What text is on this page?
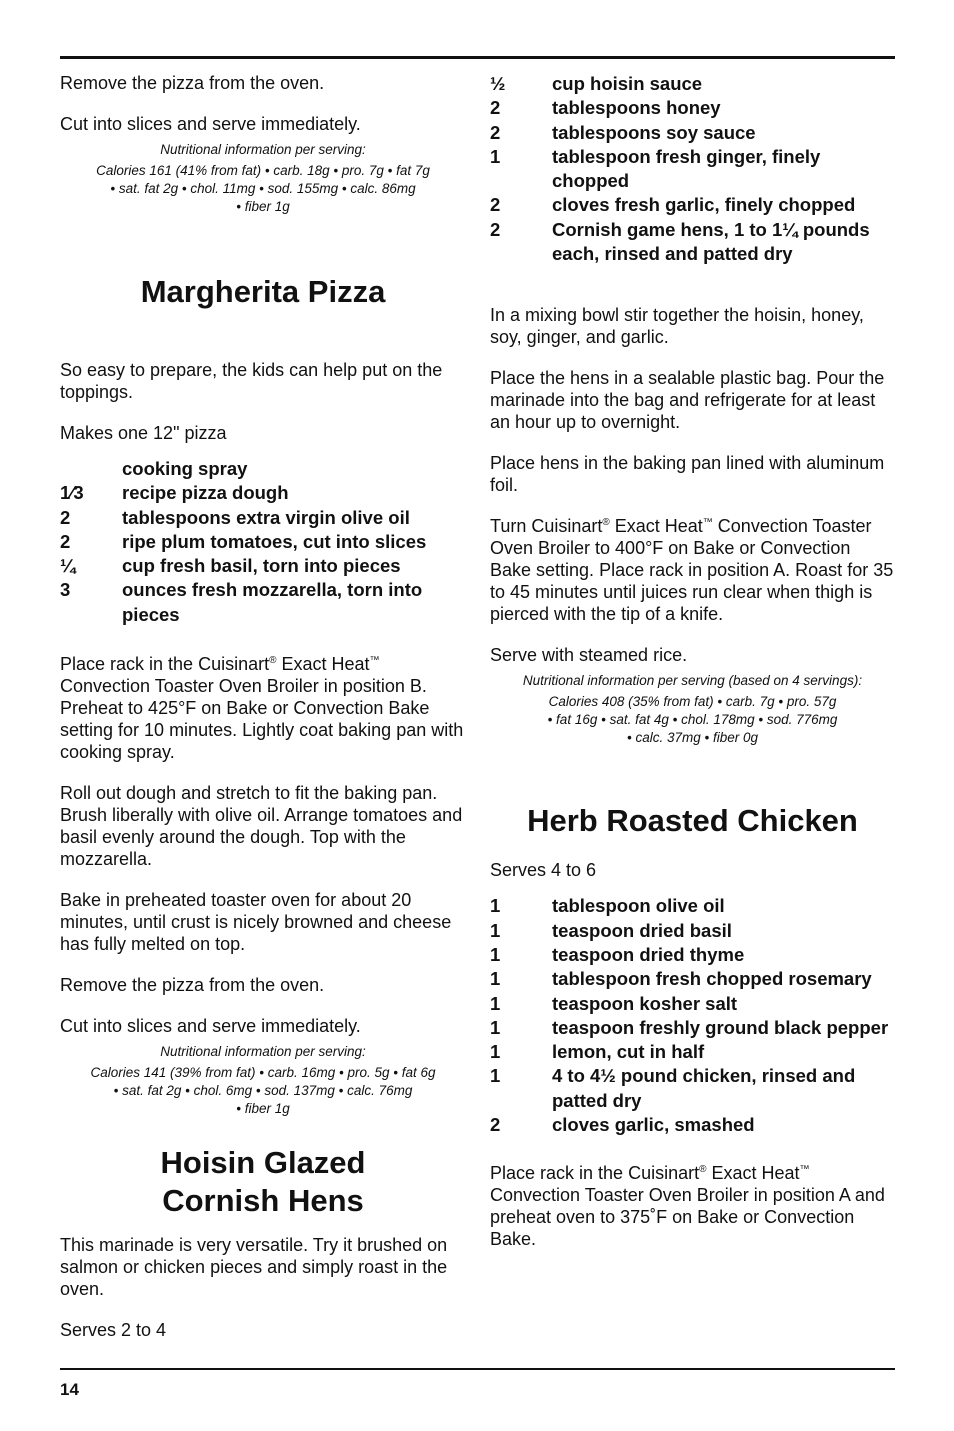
Remove the pizza from the oven.

Cut into slices and serve immediately.

Nutritional information per serving:
Calories 161 (41% from fat) • carb. 18g • pro. 7g • fat 7g
• sat. fat 2g • chol. 11mg • sod. 155mg • calc. 86mg
• fiber 1g
Margherita Pizza

So easy to prepare, the kids can help put on the toppings.

Makes one 12" pizza

cooking spray
1⁄3	recipe pizza dough
2	tablespoons extra virgin olive oil
2	ripe plum tomatoes, cut into slices
¼	cup fresh basil, torn into pieces
3	ounces fresh mozzarella, torn into pieces

Place rack in the Cuisinart® Exact Heat™ Convection Toaster Oven Broiler in position B. Preheat to 425°F on Bake or Convection Bake setting for 10 minutes. Lightly coat baking pan with cooking spray.

Roll out dough and stretch to fit the baking pan. Brush liberally with olive oil. Arrange tomatoes and basil evenly around the dough. Top with the mozzarella.

Bake in preheated toaster oven for about 20 minutes, until crust is nicely browned and cheese has fully melted on top.

Remove the pizza from the oven.

Cut into slices and serve immediately.

Nutritional information per serving:
Calories 141 (39% from fat) • carb. 16mg • pro. 5g • fat 6g
• sat. fat 2g • chol. 6mg • sod. 137mg • calc. 76mg
• fiber 1g
Hoisin Glazed
Cornish Hens

This marinade is very versatile. Try it brushed on salmon or chicken pieces and simply roast in the oven.

Serves 2 to 4

½	cup hoisin sauce
2	tablespoons honey
2	tablespoons soy sauce
1	tablespoon fresh ginger, finely chopped
2	cloves fresh garlic, finely chopped
2	Cornish game hens, 1 to 1¼ pounds each, rinsed and patted dry

In a mixing bowl stir together the hoisin, honey, soy, ginger, and garlic.

Place the hens in a sealable plastic bag. Pour the marinade into the bag and refrigerate for at least an hour up to overnight.

Place hens in the baking pan lined with aluminum foil.

Turn Cuisinart® Exact Heat™ Convection Toaster Oven Broiler to 400°F on Bake or Convection Bake setting. Place rack in position A. Roast for 35 to 45 minutes until juices run clear when thigh is pierced with the tip of a knife.

Serve with steamed rice.

Nutritional information per serving (based on 4 servings):
Calories 408 (35% from fat) • carb. 7g • pro. 57g
• fat 16g • sat. fat 4g • chol. 178mg • sod. 776mg
• calc. 37mg • fiber 0g
Herb Roasted Chicken

Serves 4 to 6

1	tablespoon olive oil
1	teaspoon dried basil
1	teaspoon dried thyme
1	tablespoon fresh chopped rosemary
1	teaspoon kosher salt
1	teaspoon freshly ground black pepper
1	lemon, cut in half
1	4 to 4½ pound chicken, rinsed and patted dry
2	cloves garlic, smashed

Place rack in the Cuisinart® Exact Heat™ Convection Toaster Oven Broiler in position A and preheat oven to 375˚F on Bake or Convection Bake.

14
